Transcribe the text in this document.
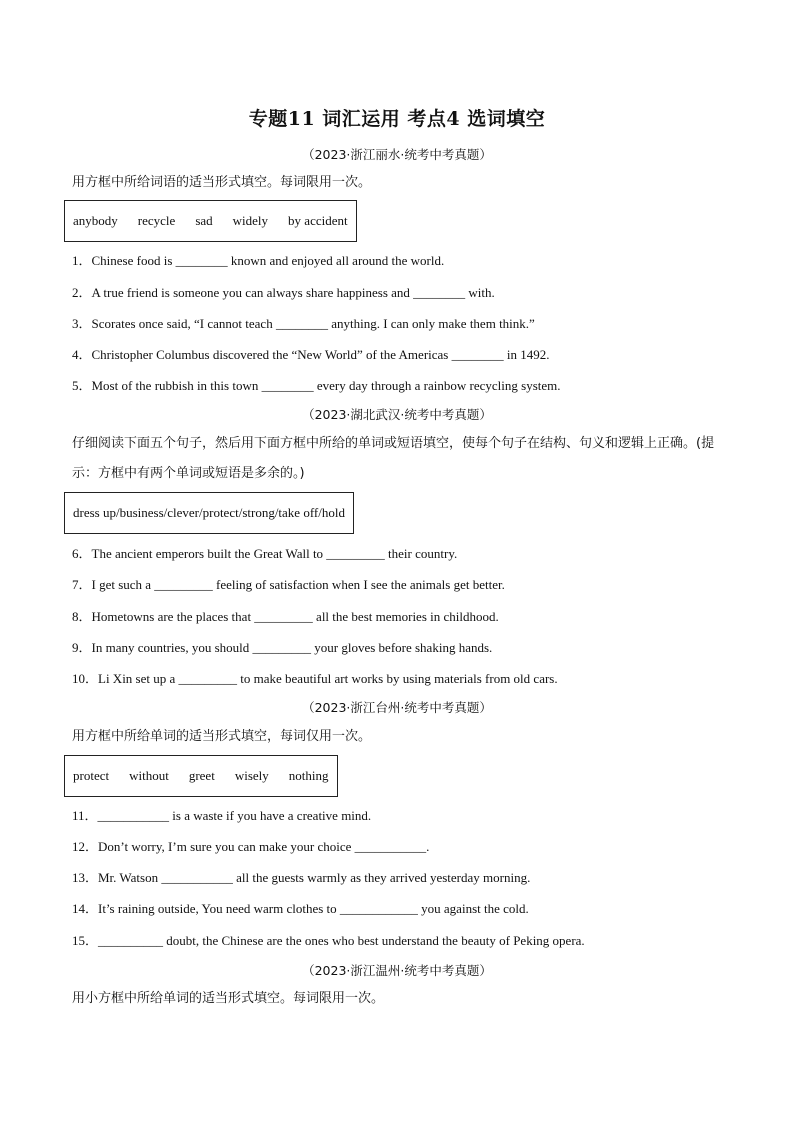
专题11 词汇运用 考点4 选词填空
（2023·浙江丽水·统考中考真题）
用方框中所给词语的适当形式填空。每词限用一次。
anybody recycle sad widely by accident
1．Chinese food is ________ known and enjoyed all around the world.
2．A true friend is someone you can always share happiness and ________ with.
3．Scorates once said, “I cannot teach ________ anything. I can only make them think.”
4．Christopher Columbus discovered the “New World” of the Americas ________ in 1492.
5．Most of the rubbish in this town ________ every day through a rainbow recycling system.
（2023·湖北武汉·统考中考真题）
仔细阅读下面五个句子，然后用下面方框中所给的单词或短语填空，使每个句子在结构、句义和逻辑上正确。(提示：方框中有两个单词或短语是多余的。)
dress up/business/clever/protect/strong/take off/hold
6．The ancient emperors built the Great Wall to _________ their country.
7．I get such a _________ feeling of satisfaction when I see the animals get better.
8．Hometowns are the places that _________ all the best memories in childhood.
9．In many countries, you should _________ your gloves before shaking hands.
10．Li Xin set up a _________ to make beautiful art works by using materials from old cars.
（2023·浙江台州·统考中考真题）
用方框中所给单词的适当形式填空，每词仅用一次。
protect without greet wisely nothing
11．___________ is a waste if you have a creative mind.
12．Don’t worry, I’m sure you can make your choice ___________.
13．Mr. Watson ___________ all the guests warmly as they arrived yesterday morning.
14．It’s raining outside, You need warm clothes to ____________ you against the cold.
15．__________ doubt, the Chinese are the ones who best understand the beauty of Peking opera.
（2023·浙江温州·统考中考真题）
用小方框中所给单词的适当形式填空。每词限用一次。
